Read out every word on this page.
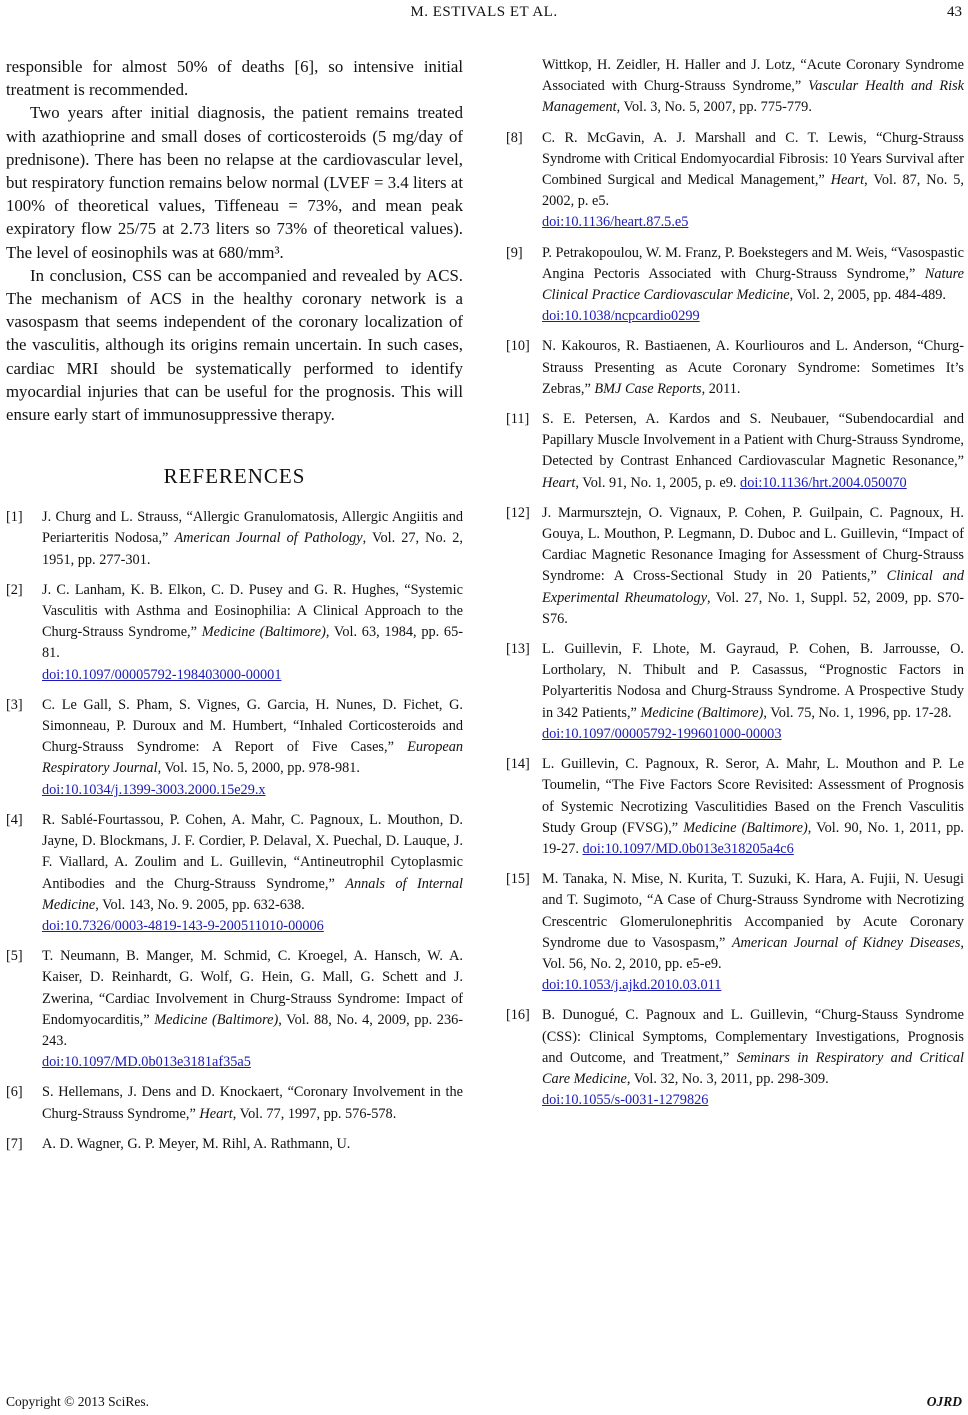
M. ESTIVALS ET AL.	43

responsible for almost 50% of deaths [6], so intensive initial treatment is recommended.

Two years after initial diagnosis, the patient remains treated with azathioprine and small doses of corticosteroids (5 mg/day of prednisone). There has been no relapse at the cardiovascular level, but respiratory function remains below normal (LVEF = 3.4 liters at 100% of theoretical values, Tiffeneau = 73%, and mean peak expiratory flow 25/75 at 2.73 liters so 73% of theoretical values). The level of eosinophils was at 680/mm³.

In conclusion, CSS can be accompanied and revealed by ACS. The mechanism of ACS in the healthy coronary network is a vasospasm that seems independent of the coronary localization of the vasculitis, although its origins remain uncertain. In such cases, cardiac MRI should be systematically performed to identify myocardial injuries that can be useful for the prognosis. This will ensure early start of immunosuppressive therapy.

REFERENCES
[1]	J. Churg and L. Strauss, “Allergic Granulomatosis, Allergic Angiitis and Periarteritis Nodosa,” American Journal of Pathology, Vol. 27, No. 2, 1951, pp. 277-301.
[2]	J. C. Lanham, K. B. Elkon, C. D. Pusey and G. R. Hughes, “Systemic Vasculitis with Asthma and Eosinophilia: A Clinical Approach to the Churg-Strauss Syndrome,” Medicine (Baltimore), Vol. 63, 1984, pp. 65-81.
doi:10.1097/00005792-198403000-00001
[3]	C. Le Gall, S. Pham, S. Vignes, G. Garcia, H. Nunes, D. Fichet, G. Simonneau, P. Duroux and M. Humbert, “Inhaled Corticosteroids and Churg-Strauss Syndrome: A Report of Five Cases,” European Respiratory Journal, Vol. 15, No. 5, 2000, pp. 978-981.
doi:10.1034/j.1399-3003.2000.15e29.x
[4]	R. Sablé-Fourtassou, P. Cohen, A. Mahr, C. Pagnoux, L. Mouthon, D. Jayne, D. Blockmans, J. F. Cordier, P. Delaval, X. Puechal, D. Lauque, J. F. Viallard, A. Zoulim and L. Guillevin, “Antineutrophil Cytoplasmic Antibodies and the Churg-Strauss Syndrome,” Annals of Internal Medicine, Vol. 143, No. 9. 2005, pp. 632-638.
doi:10.7326/0003-4819-143-9-200511010-00006
[5]	T. Neumann, B. Manger, M. Schmid, C. Kroegel, A. Hansch, W. A. Kaiser, D. Reinhardt, G. Wolf, G. Hein, G. Mall, G. Schett and J. Zwerina, “Cardiac Involvement in Churg-Strauss Syndrome: Impact of Endomyocarditis,” Medicine (Baltimore), Vol. 88, No. 4, 2009, pp. 236-243.
doi:10.1097/MD.0b013e3181af35a5
[6]	S. Hellemans, J. Dens and D. Knockaert, “Coronary Involvement in the Churg-Strauss Syndrome,” Heart, Vol. 77, 1997, pp. 576-578.
[7]	A. D. Wagner, G. P. Meyer, M. Rihl, A. Rathmann, U.
Wittkop, H. Zeidler, H. Haller and J. Lotz, “Acute Coronary Syndrome Associated with Churg-Strauss Syndrome,” Vascular Health and Risk Management, Vol. 3, No. 5, 2007, pp. 775-779.
[8]	C. R. McGavin, A. J. Marshall and C. T. Lewis, “Churg-Strauss Syndrome with Critical Endomyocardial Fibrosis: 10 Years Survival after Combined Surgical and Medical Management,” Heart, Vol. 87, No. 5, 2002, p. e5.
doi:10.1136/heart.87.5.e5
[9]	P. Petrakopoulou, W. M. Franz, P. Boekstegers and M. Weis, “Vasospastic Angina Pectoris Associated with Churg-Strauss Syndrome,” Nature Clinical Practice Cardiovascular Medicine, Vol. 2, 2005, pp. 484-489.
doi:10.1038/ncpcardio0299
[10] N. Kakouros, R. Bastiaenen, A. Kourliouros and L. Anderson, “Churg-Strauss Presenting as Acute Coronary Syndrome: Sometimes It’s Zebras,” BMJ Case Reports, 2011.
[11] S. E. Petersen, A. Kardos and S. Neubauer, “Subendocardial and Papillary Muscle Involvement in a Patient with Churg-Strauss Syndrome, Detected by Contrast Enhanced Cardiovascular Magnetic Resonance,” Heart, Vol. 91, No. 1, 2005, p. e9. doi:10.1136/hrt.2004.050070
[12] J. Marmursztejn, O. Vignaux, P. Cohen, P. Guilpain, C. Pagnoux, H. Gouya, L. Mouthon, P. Legmann, D. Duboc and L. Guillevin, “Impact of Cardiac Magnetic Resonance Imaging for Assessment of Churg-Strauss Syndrome: A Cross-Sectional Study in 20 Patients,” Clinical and Experimental Rheumatology, Vol. 27, No. 1, Suppl. 52, 2009, pp. S70-S76.
[13] L. Guillevin, F. Lhote, M. Gayraud, P. Cohen, B. Jarrousse, O. Lortholary, N. Thibult and P. Casassus, “Prognostic Factors in Polyarteritis Nodosa and Churg-Strauss Syndrome. A Prospective Study in 342 Patients,” Medicine (Baltimore), Vol. 75, No. 1, 1996, pp. 17-28.
doi:10.1097/00005792-199601000-00003
[14] L. Guillevin, C. Pagnoux, R. Seror, A. Mahr, L. Mouthon and P. Le Toumelin, “The Five Factors Score Revisited: Assessment of Prognosis of Systemic Necrotizing Vasculitidies Based on the French Vasculitis Study Group (FVSG),” Medicine (Baltimore), Vol. 90, No. 1, 2011, pp. 19-27. doi:10.1097/MD.0b013e318205a4c6
[15] M. Tanaka, N. Mise, N. Kurita, T. Suzuki, K. Hara, A. Fujii, N. Uesugi and T. Sugimoto, “A Case of Churg-Strauss Syndrome with Necrotizing Crescentric Glomerulonephritis Accompanied by Acute Coronary Syndrome due to Vasospasm,” American Journal of Kidney Diseases, Vol. 56, No. 2, 2010, pp. e5-e9.
doi:10.1053/j.ajkd.2010.03.011
[16] B. Dunogué, C. Pagnoux and L. Guillevin, “Churg-Stauss Syndrome (CSS): Clinical Symptoms, Complementary Investigations, Prognosis and Outcome, and Treatment,” Seminars in Respiratory and Critical Care Medicine, Vol. 32, No. 3, 2011, pp. 298-309.
doi:10.1055/s-0031-1279826
Copyright © 2013 SciRes.	OJRD
